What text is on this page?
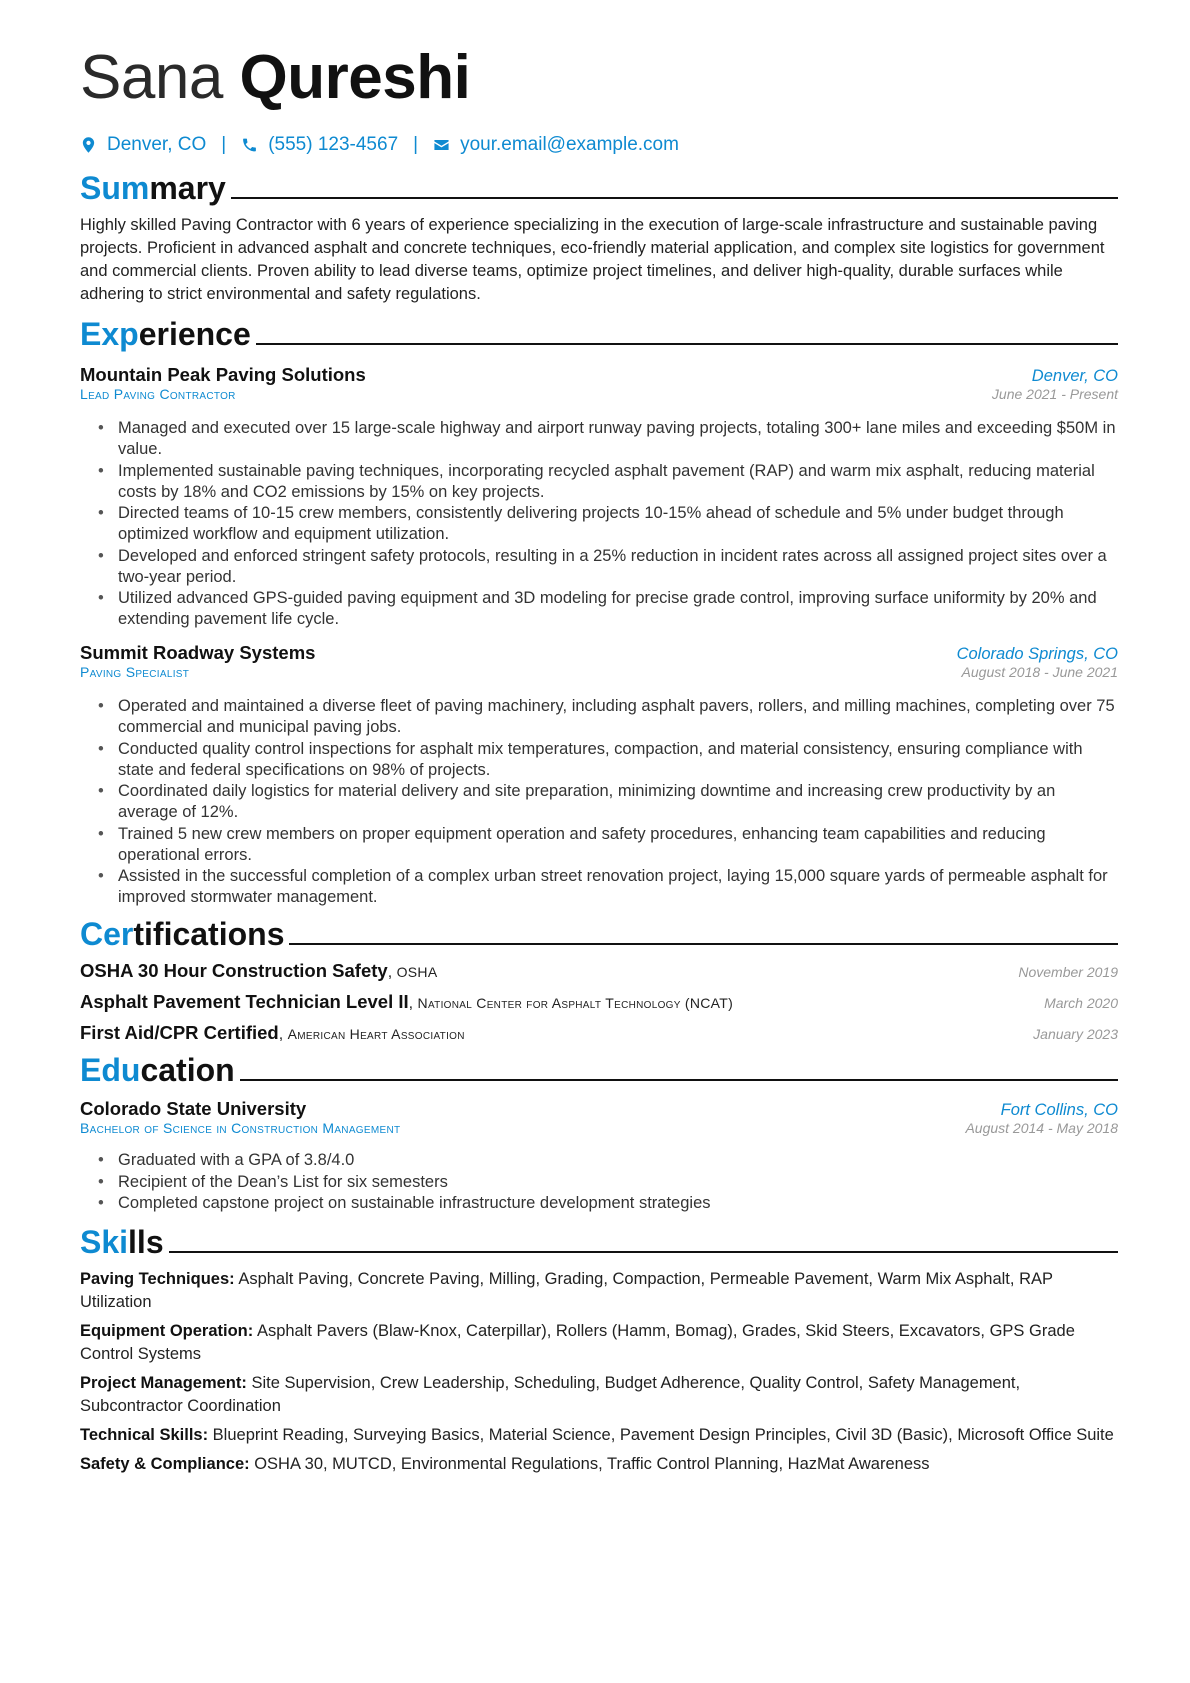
Sana Qureshi
Denver, CO | (555) 123-4567 | your.email@example.com
Summary

Highly skilled Paving Contractor with 6 years of experience specializing in the execution of large-scale infrastructure and sustainable paving projects. Proficient in advanced asphalt and concrete techniques, eco-friendly material application, and complex site logistics for government and commercial clients. Proven ability to lead diverse teams, optimize project timelines, and deliver high-quality, durable surfaces while adhering to strict environmental and safety regulations.

Experience
Mountain Peak Paving Solutions	Denver, CO
Lead Paving Contractor	June 2021 - Present
• Managed and executed over 15 large-scale highway and airport runway paving projects, totaling 300+ lane miles and exceeding $50M in value.
• Implemented sustainable paving techniques, incorporating recycled asphalt pavement (RAP) and warm mix asphalt, reducing material costs by 18% and CO2 emissions by 15% on key projects.
• Directed teams of 10-15 crew members, consistently delivering projects 10-15% ahead of schedule and 5% under budget through optimized workflow and equipment utilization.
• Developed and enforced stringent safety protocols, resulting in a 25% reduction in incident rates across all assigned project sites over a two-year period.
• Utilized advanced GPS-guided paving equipment and 3D modeling for precise grade control, improving surface uniformity by 20% and extending pavement life cycle.
Summit Roadway Systems	Colorado Springs, CO
Paving Specialist	August 2018 - June 2021
• Operated and maintained a diverse fleet of paving machinery, including asphalt pavers, rollers, and milling machines, completing over 75 commercial and municipal paving jobs.
• Conducted quality control inspections for asphalt mix temperatures, compaction, and material consistency, ensuring compliance with state and federal specifications on 98% of projects.
• Coordinated daily logistics for material delivery and site preparation, minimizing downtime and increasing crew productivity by an average of 12%.
• Trained 5 new crew members on proper equipment operation and safety procedures, enhancing team capabilities and reducing operational errors.
• Assisted in the successful completion of a complex urban street renovation project, laying 15,000 square yards of permeable asphalt for improved stormwater management.
Certifications
OSHA 30 Hour Construction Safety, OSHA	November 2019
Asphalt Pavement Technician Level II, National Center for Asphalt Technology (NCAT)	March 2020
First Aid/CPR Certified, American Heart Association	January 2023
Education
Colorado State University	Fort Collins, CO
Bachelor of Science in Construction Management	August 2014 - May 2018
• Graduated with a GPA of 3.8/4.0
• Recipient of the Dean’s List for six semesters
• Completed capstone project on sustainable infrastructure development strategies
Skills
Paving Techniques: Asphalt Paving, Concrete Paving, Milling, Grading, Compaction, Permeable Pavement, Warm Mix Asphalt, RAP Utilization
Equipment Operation: Asphalt Pavers (Blaw-Knox, Caterpillar), Rollers (Hamm, Bomag), Grades, Skid Steers, Excavators, GPS Grade Control Systems
Project Management: Site Supervision, Crew Leadership, Scheduling, Budget Adherence, Quality Control, Safety Management, Subcontractor Coordination
Technical Skills: Blueprint Reading, Surveying Basics, Material Science, Pavement Design Principles, Civil 3D (Basic), Microsoft Office Suite
Safety & Compliance: OSHA 30, MUTCD, Environmental Regulations, Traffic Control Planning, HazMat Awareness
